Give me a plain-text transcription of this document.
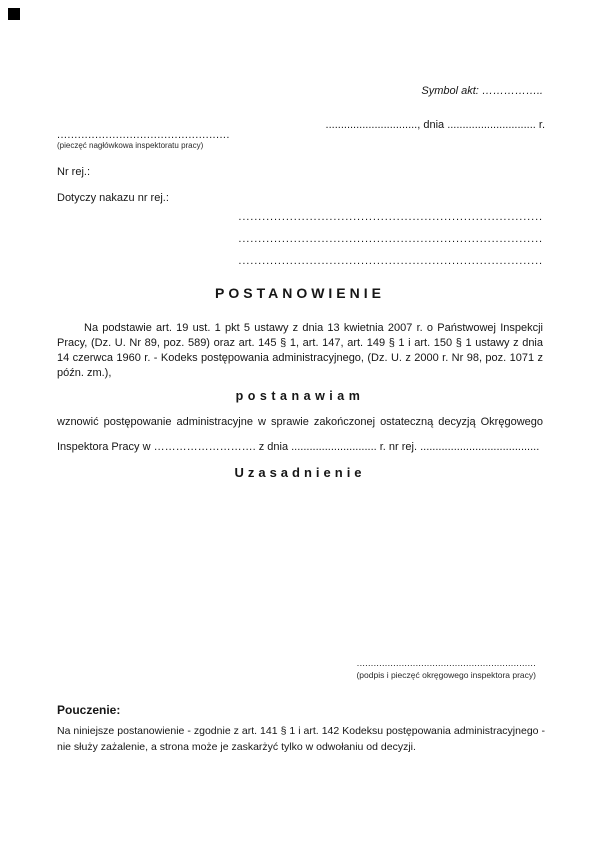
Symbol akt: ……………..
.............................., dnia ............................. r.
..................................................
(pieczęć nagłówkowa inspektoratu pracy)
Nr rej.:
Dotyczy nakazu nr rej.:
.............................................................................
.............................................................................
.............................................................................
POSTANOWIENIE
Na podstawie art. 19 ust. 1 pkt 5 ustawy z dnia 13 kwietnia 2007 r. o Państwowej Inspekcji Pracy, (Dz. U. Nr 89, poz. 589) oraz art. 145 § 1, art. 147, art. 149 § 1 i art. 150 § 1 ustawy z dnia 14 czerwca 1960 r. - Kodeks postępowania administracyjnego, (Dz. U. z 2000 r. Nr 98, poz. 1071 z późn. zm.),
postanawiam
wznowić postępowanie administracyjne w sprawie zakończonej ostateczną decyzją Okręgowego Inspektora Pracy w ………………………. z dnia ............................ r. nr rej. .......................................
Uzasadnienie
................................................................
(podpis i pieczęć okręgowego inspektora pracy)
Pouczenie:
Na niniejsze postanowienie - zgodnie z art. 141 § 1 i art. 142 Kodeksu postępowania administracyjnego - nie służy zażalenie, a strona może je zaskarżyć tylko w odwołaniu od decyzji.
